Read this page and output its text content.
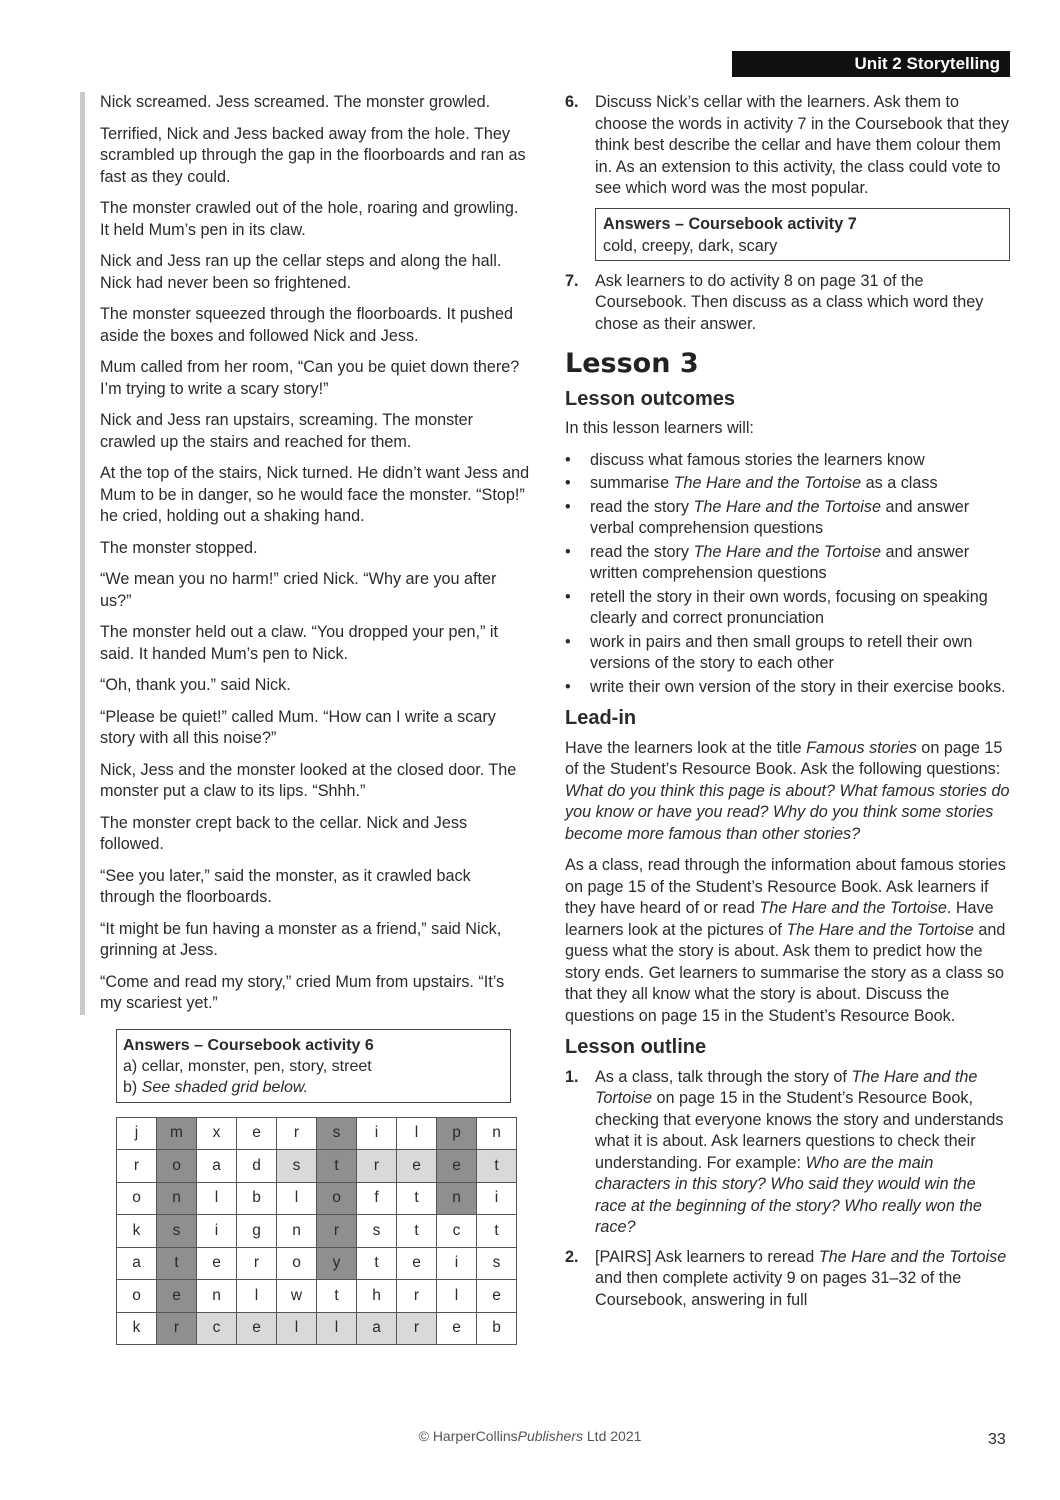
Unit 2 Storytelling

Nick screamed. Jess screamed. The monster growled.

Terrified, Nick and Jess backed away from the hole. They scrambled up through the gap in the floorboards and ran as fast as they could.

The monster crawled out of the hole, roaring and growling. It held Mum’s pen in its claw.

Nick and Jess ran up the cellar steps and along the hall. Nick had never been so frightened.

The monster squeezed through the floorboards. It pushed aside the boxes and followed Nick and Jess.

Mum called from her room, “Can you be quiet down there? I’m trying to write a scary story!”

Nick and Jess ran upstairs, screaming. The monster crawled up the stairs and reached for them.

At the top of the stairs, Nick turned. He didn’t want Jess and Mum to be in danger, so he would face the monster. “Stop!” he cried, holding out a shaking hand.

The monster stopped.

“We mean you no harm!” cried Nick. “Why are you after us?”

The monster held out a claw. “You dropped your pen,” it said. It handed Mum’s pen to Nick.

“Oh, thank you.” said Nick.

“Please be quiet!” called Mum. “How can I write a scary story with all this noise?”

Nick, Jess and the monster looked at the closed door. The monster put a claw to its lips. “Shhh.”

The monster crept back to the cellar. Nick and Jess followed.

“See you later,” said the monster, as it crawled back through the floorboards.

“It might be fun having a monster as a friend,” said Nick, grinning at Jess.

“Come and read my story,” cried Mum from upstairs. “It’s my scariest yet.”

Answers – Coursebook activity 6
a) cellar, monster, pen, story, street
b) See shaded grid below.
j	m	x	e	r	s	i	l	p	n
r	o	a	d	s	t	r	e	e	t
o	n	l	b	l	o	f	t	n	i
k	s	i	g	n	r	s	t	c	t
a	t	e	r	o	y	t	e	i	s
o	e	n	l	w	t	h	r	l	e
k	r	c	e	l	l	a	r	e	b
6.	Discuss Nick’s cellar with the learners. Ask them to choose the words in activity 7 in the Coursebook that they think best describe the cellar and have them colour them in. As an extension to this activity, the class could vote to see which word was the most popular.
Answers – Coursebook activity 7
cold, creepy, dark, scary
7.	Ask learners to do activity 8 on page 31 of the Coursebook. Then discuss as a class which word they chose as their answer.
Lesson 3
Lesson outcomes

In this lesson learners will:

•	discuss what famous stories the learners know
•	summarise The Hare and the Tortoise as a class
•	read the story The Hare and the Tortoise and answer verbal comprehension questions
•	read the story The Hare and the Tortoise and answer written comprehension questions
•	retell the story in their own words, focusing on speaking clearly and correct pronunciation
•	work in pairs and then small groups to retell their own versions of the story to each other
•	write their own version of the story in their exercise books.
Lead-in

Have the learners look at the title Famous stories on page 15 of the Student’s Resource Book. Ask the following questions: What do you think this page is about? What famous stories do you know or have you read? Why do you think some stories become more famous than other stories?

As a class, read through the information about famous stories on page 15 of the Student’s Resource Book. Ask learners if they have heard of or read The Hare and the Tortoise. Have learners look at the pictures of The Hare and the Tortoise and guess what the story is about. Ask them to predict how the story ends. Get learners to summarise the story as a class so that they all know what the story is about. Discuss the questions on page 15 in the Student’s Resource Book.

Lesson outline
1.	As a class, talk through the story of The Hare and the Tortoise on page 15 in the Student’s Resource Book, checking that everyone knows the story and understands what it is about. Ask learners questions to check their understanding. For example: Who are the main characters in this story? Who said they would win the race at the beginning of the story? Who really won the race?
2.	[PAIRS] Ask learners to reread The Hare and the Tortoise and then complete activity 9 on pages 31–32 of the Coursebook, answering in full
© HarperCollinsPublishers Ltd 2021	33
